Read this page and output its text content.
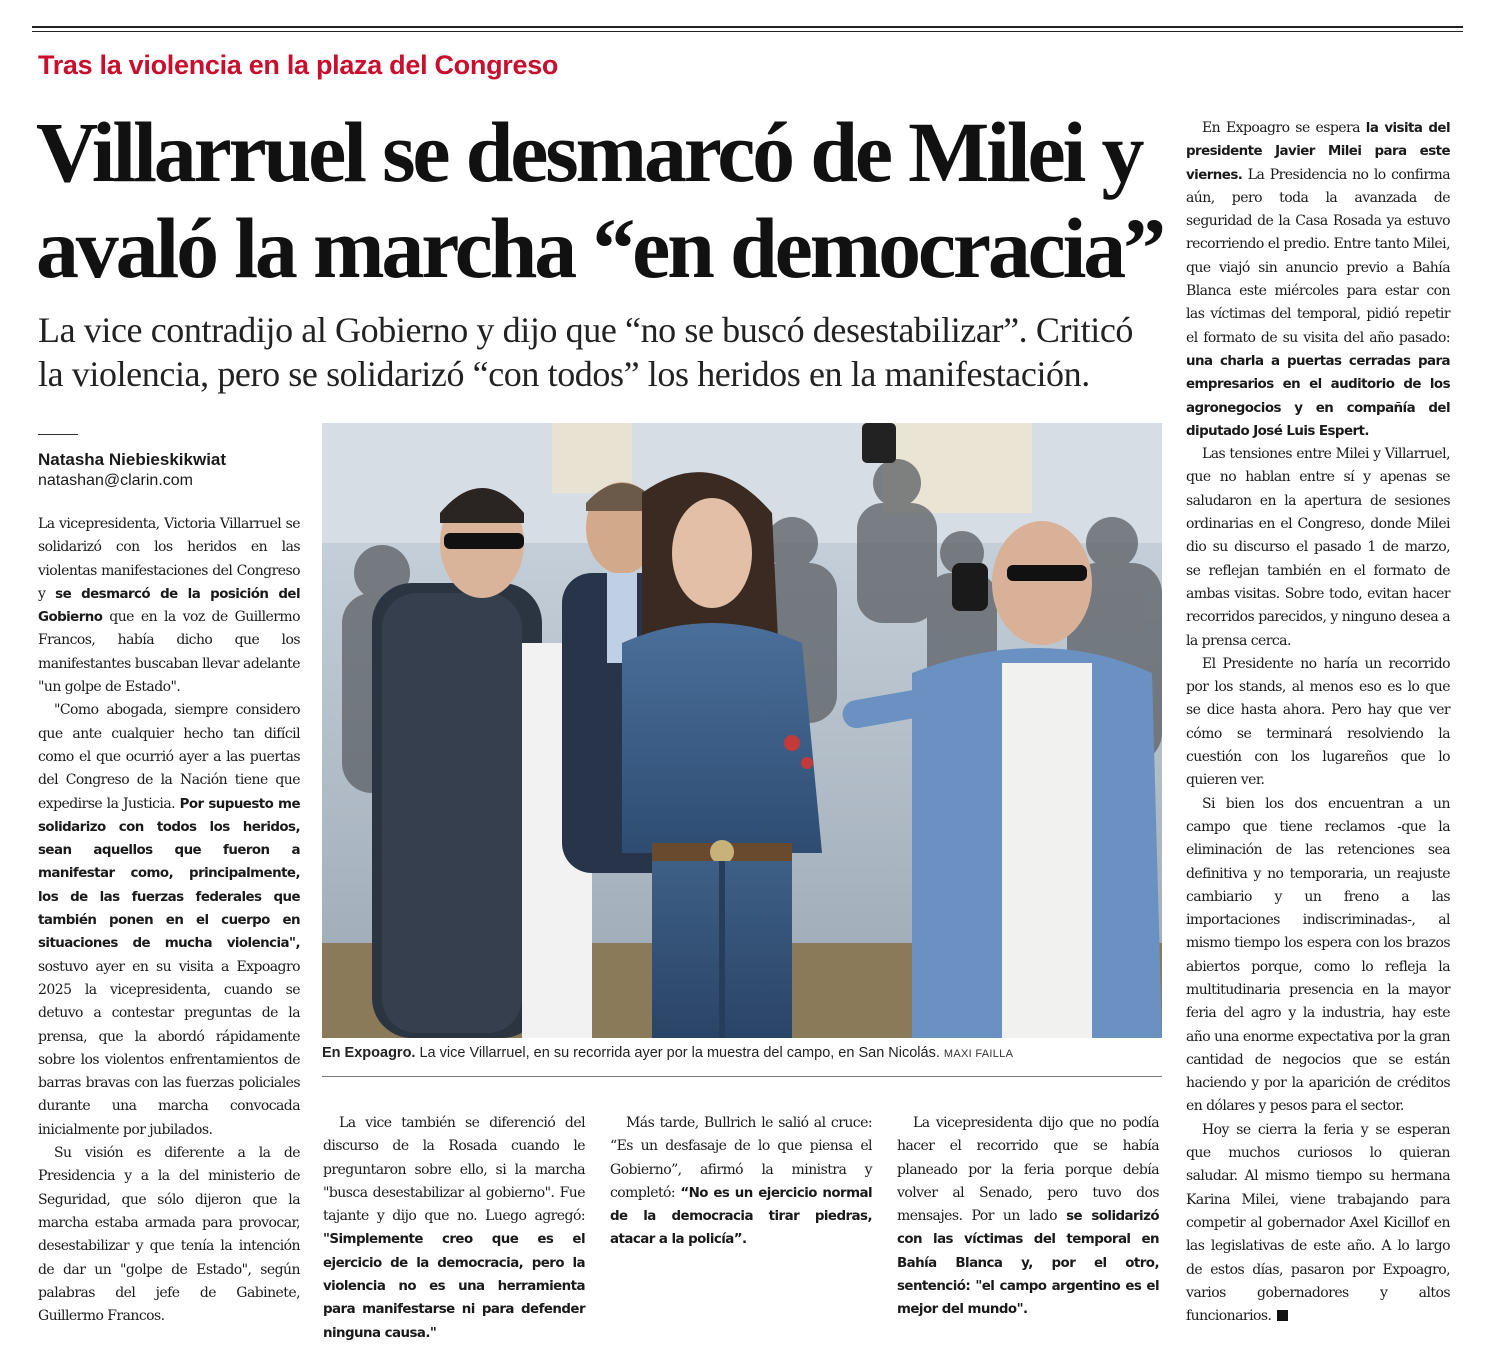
Tras la violencia en la plaza del Congreso
Villarruel se desmarcó de Milei y
avaló la marcha “en democracia”

La vice contradijo al Gobierno y dijo que “no se buscó desestabilizar”. Criticó
la violencia, pero se solidarizó “con todos” los heridos en la manifestación.

Natasha Niebieskikwiat
natashan@clarin.com

La vicepresidenta, Victoria Villarruel se solidarizó con los heridos en las violentas manifestaciones del Congreso y se desmarcó de la posición del Gobierno que en la voz de Guillermo Francos, había dicho que los manifestantes buscaban llevar adelante "un golpe de Estado".

"Como abogada, siempre considero que ante cualquier hecho tan difícil como el que ocurrió ayer a las puertas del Congreso de la Nación tiene que expedirse la Justicia. Por supuesto me solidarizo con todos los heridos, sean aquellos que fueron a manifestar como, principalmente, los de las fuerzas federales que también ponen en el cuerpo en situaciones de mucha violencia", sostuvo ayer en su visita a Expoagro 2025 la vicepresidenta, cuando se detuvo a contestar preguntas de la prensa, que la abordó rápidamente sobre los violentos enfrentamientos de barras bravas con las fuerzas policiales durante una marcha convocada inicialmente por jubilados.

Su visión es diferente a la de Presidencia y a la del ministerio de Seguridad, que sólo dijeron que la marcha estaba armada para provocar, desestabilizar y que tenía la intención de dar un "golpe de Estado", según palabras del jefe de Gabinete, Guillermo Francos.

En Expoagro. La vice Villarruel, en su recorrida ayer por la muestra del campo, en San Nicolás. MAXI FAILLA

La vice también se diferenció del discurso de la Rosada cuando le preguntaron sobre ello, si la marcha "busca desestabilizar al gobierno". Fue tajante y dijo que no. Luego agregó: "Simplemente creo que es el ejercicio de la democracia, pero la violencia no es una herramienta para manifestarse ni para defender ninguna causa."

Más tarde, Bullrich le salió al cruce: “Es un desfasaje de lo que piensa el Gobierno”, afirmó la ministra y completó: “No es un ejercicio normal de la democracia tirar piedras, atacar a la policía”.

La vicepresidenta dijo que no podía hacer el recorrido que se había planeado por la feria porque debía volver al Senado, pero tuvo dos mensajes. Por un lado se solidarizó con las víctimas del temporal en Bahía Blanca y, por el otro, sentenció: "el campo argentino es el mejor del mundo".

En Expoagro se espera la visita del presidente Javier Milei para este viernes. La Presidencia no lo confirma aún, pero toda la avanzada de seguridad de la Casa Rosada ya estuvo recorriendo el predio. Entre tanto Milei, que viajó sin anuncio previo a Bahía Blanca este miércoles para estar con las víctimas del temporal, pidió repetir el formato de su visita del año pasado: una charla a puertas cerradas para empresarios en el auditorio de los agronegocios y en compañía del diputado José Luis Espert.

Las tensiones entre Milei y Villarruel, que no hablan entre sí y apenas se saludaron en la apertura de sesiones ordinarias en el Congreso, donde Milei dio su discurso el pasado 1 de marzo, se reflejan también en el formato de ambas visitas. Sobre todo, evitan hacer recorridos parecidos, y ninguno desea a la prensa cerca.

El Presidente no haría un recorrido por los stands, al menos eso es lo que se dice hasta ahora. Pero hay que ver cómo se terminará resolviendo la cuestión con los lugareños que lo quieren ver.

Si bien los dos encuentran a un campo que tiene reclamos -que la eliminación de las retenciones sea definitiva y no temporaria, un reajuste cambiario y un freno a las importaciones indiscriminadas-, al mismo tiempo los espera con los brazos abiertos porque, como lo refleja la multitudinaria presencia en la mayor feria del agro y la industria, hay este año una enorme expectativa por la gran cantidad de negocios que se están haciendo y por la aparición de créditos en dólares y pesos para el sector.

Hoy se cierra la feria y se esperan que muchos curiosos lo quieran saludar. Al mismo tiempo su hermana Karina Milei, viene trabajando para competir al gobernador Axel Kicillof en las legislativas de este año. A lo largo de estos días, pasaron por Expoagro, varios gobernadores y altos funcionarios.
